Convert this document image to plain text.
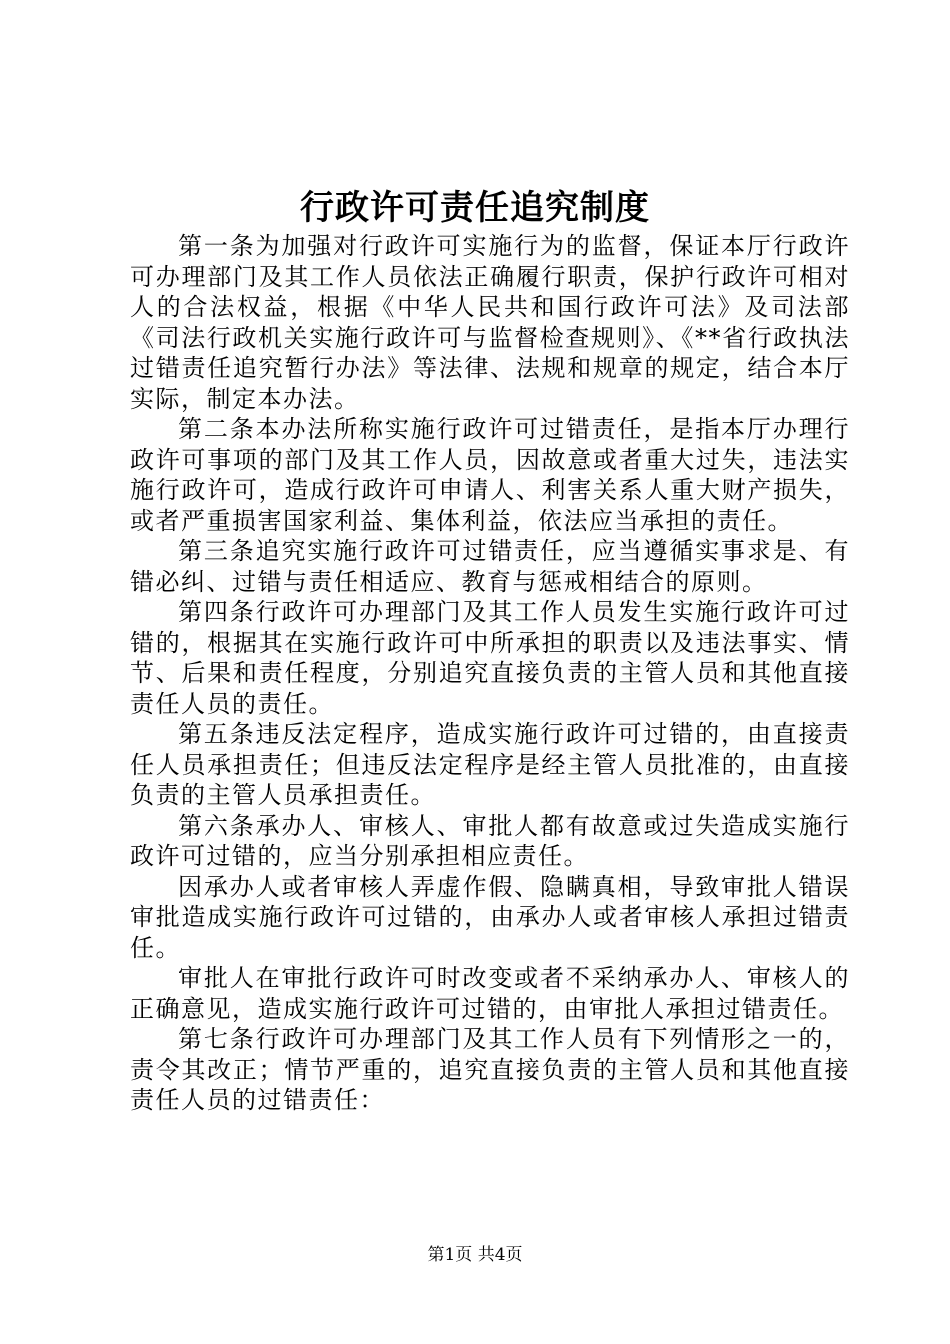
行政许可责任追究制度

第一条为加强对行政许可实施行为的监督，保证本厅行政许可办理部门及其工作人员依法正确履行职责，保护行政许可相对人的合法权益，根据《中华人民共和国行政许可法》及司法部《司法行政机关实施行政许可与监督检查规则》、《**省行政执法过错责任追究暂行办法》等法律、法规和规章的规定，结合本厅实际，制定本办法。

第二条本办法所称实施行政许可过错责任，是指本厅办理行政许可事项的部门及其工作人员，因故意或者重大过失，违法实施行政许可，造成行政许可申请人、利害关系人重大财产损失，或者严重损害国家利益、集体利益，依法应当承担的责任。

第三条追究实施行政许可过错责任，应当遵循实事求是、有错必纠、过错与责任相适应、教育与惩戒相结合的原则。

第四条行政许可办理部门及其工作人员发生实施行政许可过错的，根据其在实施行政许可中所承担的职责以及违法事实、情节、后果和责任程度，分别追究直接负责的主管人员和其他直接责任人员的责任。

第五条违反法定程序，造成实施行政许可过错的，由直接责任人员承担责任；但违反法定程序是经主管人员批准的，由直接负责的主管人员承担责任。

第六条承办人、审核人、审批人都有故意或过失造成实施行政许可过错的，应当分别承担相应责任。

因承办人或者审核人弄虚作假、隐瞒真相，导致审批人错误审批造成实施行政许可过错的，由承办人或者审核人承担过错责任。

审批人在审批行政许可时改变或者不采纳承办人、审核人的正确意见，造成实施行政许可过错的，由审批人承担过错责任。

第七条行政许可办理部门及其工作人员有下列情形之一的，责令其改正；情节严重的，追究直接负责的主管人员和其他直接责任人员的过错责任：

第1页 共4页
